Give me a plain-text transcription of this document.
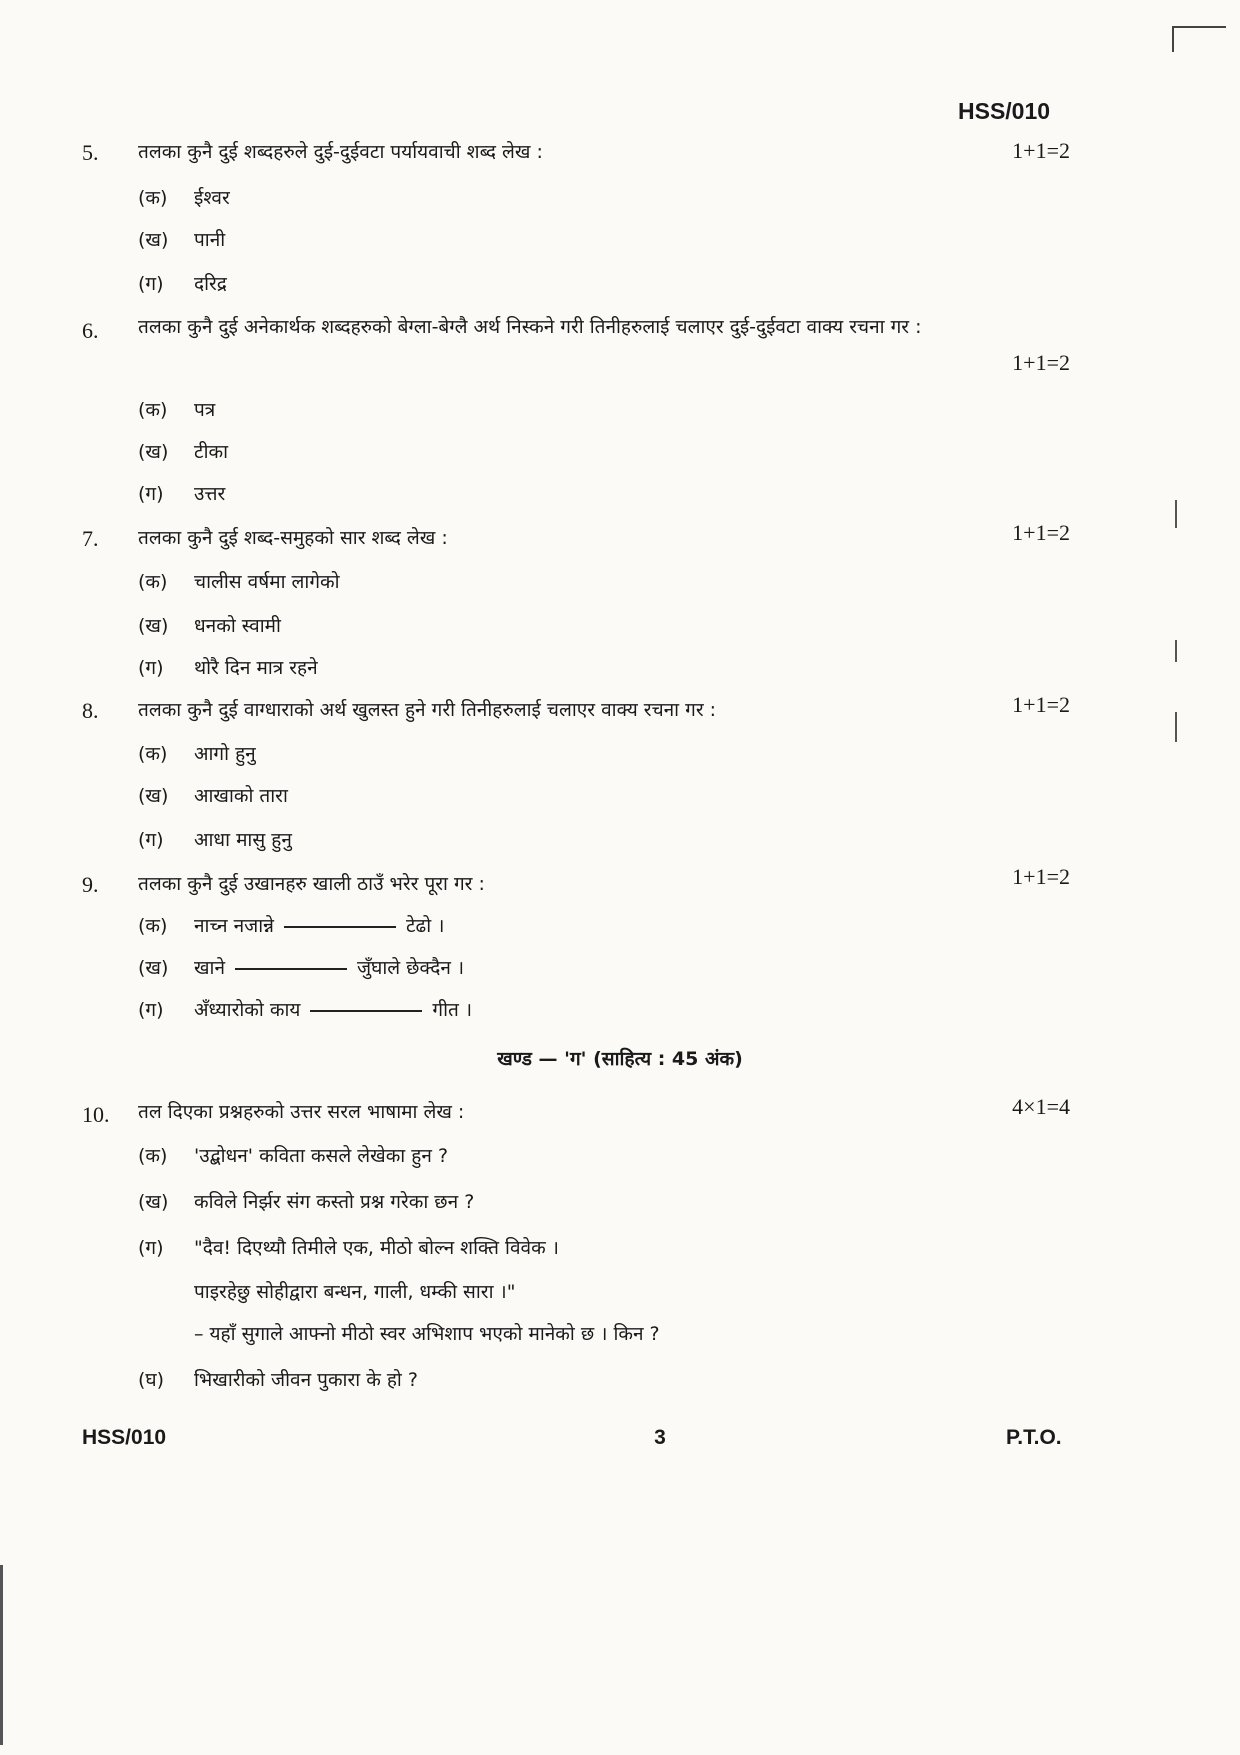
HSS/010
5. तलका कुनै दुई शब्दहरुले दुई-दुईवटा पर्यायवाची शब्द लेख :	1+1=2
(क) ईश्वर
(ख) पानी
(ग) दरिद्र
6. तलका कुनै दुई अनेकार्थक शब्दहरुको बेग्ला-बेग्लै अर्थ निस्कने गरी तिनीहरुलाई चलाएर दुई-दुईवटा वाक्य रचना गर :
1+1=2
(क) पत्र
(ख) टीका
(ग) उत्तर
7. तलका कुनै दुई शब्द-समुहको सार शब्द लेख :	1+1=2
(क) चालीस वर्षमा लागेको
(ख) धनको स्वामी
(ग) थोरै दिन मात्र रहने
8. तलका कुनै दुई वाग्धाराको अर्थ खुलस्त हुने गरी तिनीहरुलाई चलाएर वाक्य रचना गर :	1+1=2
(क) आगो हुनु
(ख) आखाको तारा
(ग) आधा मासु हुनु
9. तलका कुनै दुई उखानहरु खाली ठाउँ भरेर पूरा गर :	1+1=2
(क) नाच्न नजान्ने	टेढो ।
(ख) खाने	जुँघाले छेक्दैन ।
(ग) अँध्यारोको काय	गीत ।
खण्ड — 'ग' (साहित्य : 45 अंक)
10. तल दिएका प्रश्नहरुको उत्तर सरल भाषामा लेख :	4×1=4
(क) 'उद्बोधन' कविता कसले लेखेका हुन ?
(ख) कविले निर्झर संग कस्तो प्रश्न गरेका छन ?
(ग) "दैव! दिएथ्यौ तिमीले एक, मीठो बोल्न शक्ति विवेक ।
पाइरहेछु सोहीद्वारा बन्धन, गाली, धम्की सारा ।"
– यहाँ सुगाले आफ्नो मीठो स्वर अभिशाप भएको मानेको छ । किन ?
(घ) भिखारीको जीवन पुकारा के हो ?
HSS/010	3	P.T.O.
